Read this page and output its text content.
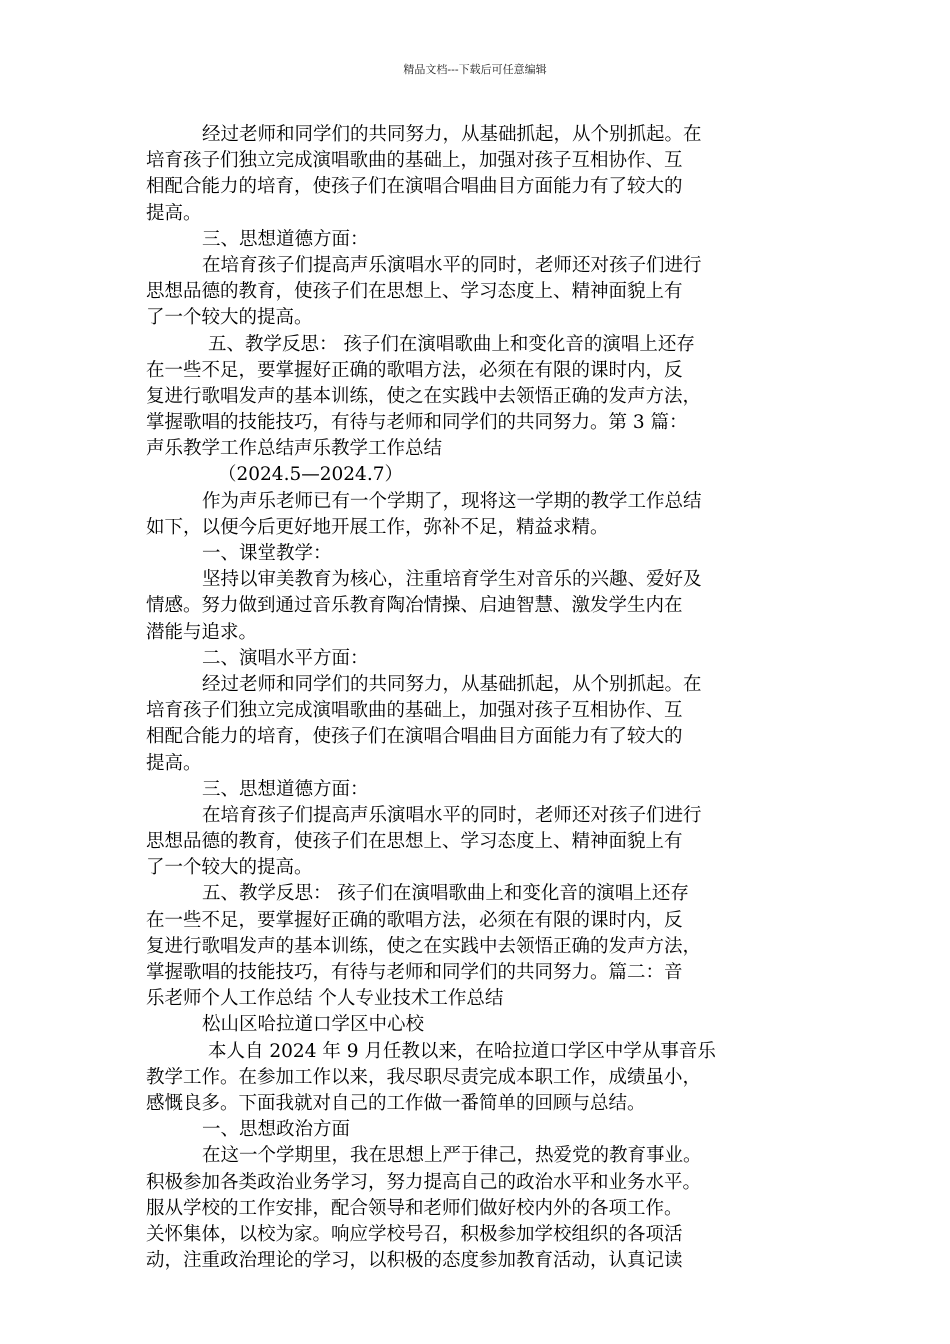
精品文档---下载后可任意编辑
经过老师和同学们的共同努力，从基础抓起，从个别抓起。在
培育孩子们独立完成演唱歌曲的基础上，加强对孩子互相协作、互
相配合能力的培育，使孩子们在演唱合唱曲目方面能力有了较大的
提高。
三、思想道德方面：
在培育孩子们提高声乐演唱水平的同时，老师还对孩子们进行
思想品德的教育，使孩子们在思想上、学习态度上、精神面貌上有
了一个较大的提高。
五、教学反思： 孩子们在演唱歌曲上和变化音的演唱上还存
在一些不足，要掌握好正确的歌唱方法，必须在有限的课时内，反
复进行歌唱发声的基本训练，使之在实践中去领悟正确的发声方法，
掌握歌唱的技能技巧，有待与老师和同学们的共同努力。第 3 篇：
声乐教学工作总结声乐教学工作总结
（2024.5—2024.7）
作为声乐老师已有一个学期了，现将这一学期的教学工作总结
如下，以便今后更好地开展工作，弥补不足，精益求精。
一、课堂教学：
坚持以审美教育为核心，注重培育学生对音乐的兴趣、爱好及
情感。努力做到通过音乐教育陶冶情操、启迪智慧、激发学生内在
潜能与追求。
二、演唱水平方面：
经过老师和同学们的共同努力，从基础抓起，从个别抓起。在
培育孩子们独立完成演唱歌曲的基础上，加强对孩子互相协作、互
相配合能力的培育，使孩子们在演唱合唱曲目方面能力有了较大的
提高。
三、思想道德方面：
在培育孩子们提高声乐演唱水平的同时，老师还对孩子们进行
思想品德的教育，使孩子们在思想上、学习态度上、精神面貌上有
了一个较大的提高。
五、教学反思： 孩子们在演唱歌曲上和变化音的演唱上还存
在一些不足，要掌握好正确的歌唱方法，必须在有限的课时内，反
复进行歌唱发声的基本训练，使之在实践中去领悟正确的发声方法，
掌握歌唱的技能技巧，有待与老师和同学们的共同努力。篇二：音
乐老师个人工作总结 个人专业技术工作总结
松山区哈拉道口学区中心校
本人自 2024 年 9 月任教以来，在哈拉道口学区中学从事音乐
教学工作。在参加工作以来，我尽职尽责完成本职工作，成绩虽小，
感慨良多。下面我就对自己的工作做一番简单的回顾与总结。
一、思想政治方面
在这一个学期里，我在思想上严于律己，热爱党的教育事业。
积极参加各类政治业务学习，努力提高自己的政治水平和业务水平。
服从学校的工作安排，配合领导和老师们做好校内外的各项工作。
关怀集体，以校为家。响应学校号召，积极参加学校组织的各项活
动，注重政治理论的学习，以积极的态度参加教育活动，认真记读
